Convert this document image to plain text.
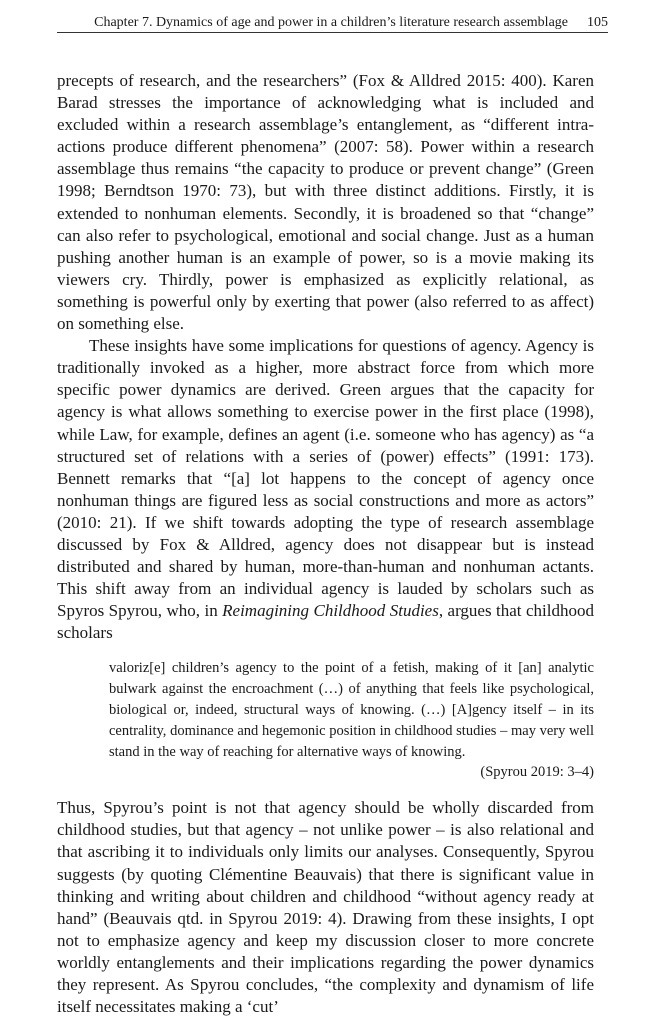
Chapter 7. Dynamics of age and power in a children’s literature research assemblage 105

precepts of research, and the researchers” (Fox & Alldred 2015: 400). Karen Barad stresses the importance of acknowledging what is included and excluded within a research assemblage’s entanglement, as “different intra-actions produce different phenomena” (2007: 58). Power within a research assemblage thus remains “the capacity to produce or prevent change” (Green 1998; Berndtson 1970: 73), but with three distinct additions. Firstly, it is extended to nonhuman elements. Secondly, it is broadened so that “change” can also refer to psychological, emotional and social change. Just as a human pushing another human is an example of power, so is a movie making its viewers cry. Thirdly, power is emphasized as explicitly relational, as something is powerful only by exerting that power (also referred to as affect) on something else.

These insights have some implications for questions of agency. Agency is traditionally invoked as a higher, more abstract force from which more specific power dynamics are derived. Green argues that the capacity for agency is what allows something to exercise power in the first place (1998), while Law, for example, defines an agent (i.e. someone who has agency) as “a structured set of relations with a series of (power) effects” (1991: 173). Bennett remarks that “[a] lot happens to the concept of agency once nonhuman things are figured less as social constructions and more as actors” (2010: 21). If we shift towards adopting the type of research assemblage discussed by Fox & Alldred, agency does not disappear but is instead distributed and shared by human, more-than-human and nonhuman actants. This shift away from an individual agency is lauded by scholars such as Spyros Spyrou, who, in Reimagining Childhood Studies, argues that childhood scholars

valoriz[e] children’s agency to the point of a fetish, making of it [an] analytic bulwark against the encroachment (…) of anything that feels like psychological, biological or, indeed, structural ways of knowing. (…) [A]gency itself – in its centrality, dominance and hegemonic position in childhood studies – may very well stand in the way of reaching for alternative ways of knowing.
(Spyrou 2019: 3–4)

Thus, Spyrou’s point is not that agency should be wholly discarded from childhood studies, but that agency – not unlike power – is also relational and that ascribing it to individuals only limits our analyses. Consequently, Spyrou suggests (by quoting Clémentine Beauvais) that there is significant value in thinking and writing about children and childhood “without agency ready at hand” (Beauvais qtd. in Spyrou 2019: 4). Drawing from these insights, I opt not to emphasize agency and keep my discussion closer to more concrete worldly entanglements and their implications regarding the power dynamics they represent. As Spyrou concludes, “the complexity and dynamism of life itself necessitates making a ‘cut’
